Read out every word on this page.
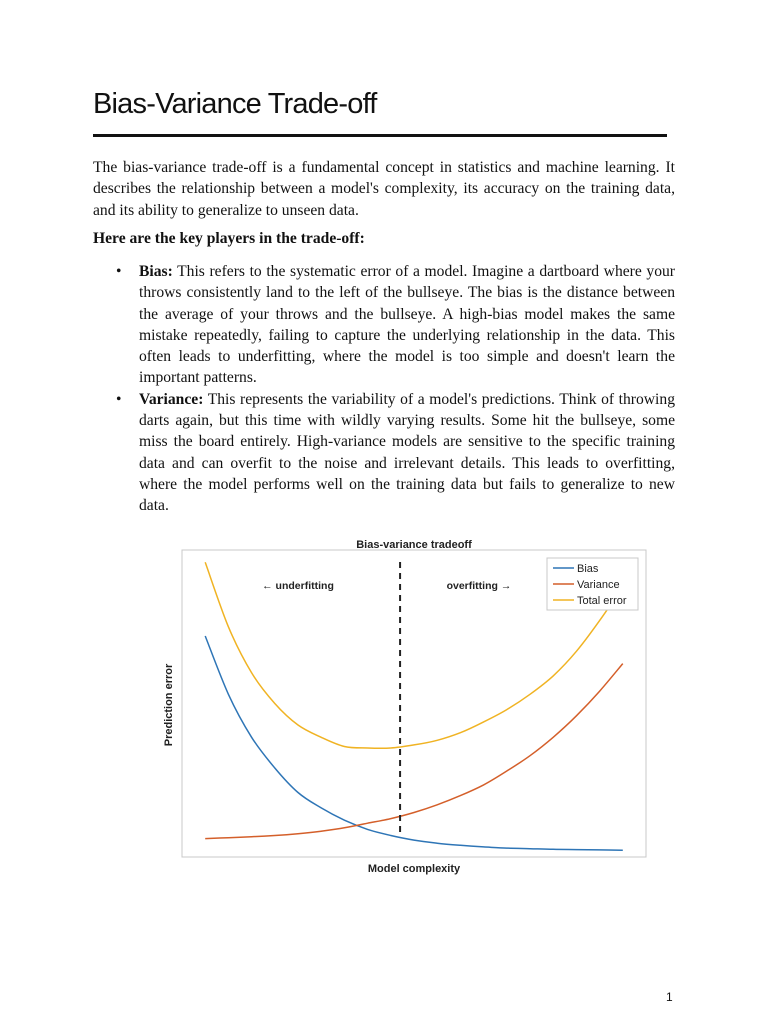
Bias-Variance Trade-off

The bias-variance trade-off is a fundamental concept in statistics and machine learning. It describes the relationship between a model's complexity, its accuracy on the training data, and its ability to generalize to unseen data.

Here are the key players in the trade-off:

• Bias: This refers to the systematic error of a model. Imagine a dartboard where your throws consistently land to the left of the bullseye. The bias is the distance between the average of your throws and the bullseye. A high-bias model makes the same mistake repeatedly, failing to capture the underlying relationship in the data. This often leads to underfitting, where the model is too simple and doesn't learn the important patterns.
• Variance: This represents the variability of a model's predictions. Think of throwing darts again, but this time with wildly varying results. Some hit the bullseye, some miss the board entirely. High-variance models are sensitive to the specific training data and can overfit to the noise and irrelevant details. This leads to overfitting, where the model performs well on the training data but fails to generalize to new data.
Bias-variance tradeoff
← underfitting	overfitting →
Bias
Variance
Total error
Prediction error
Model complexity
1
